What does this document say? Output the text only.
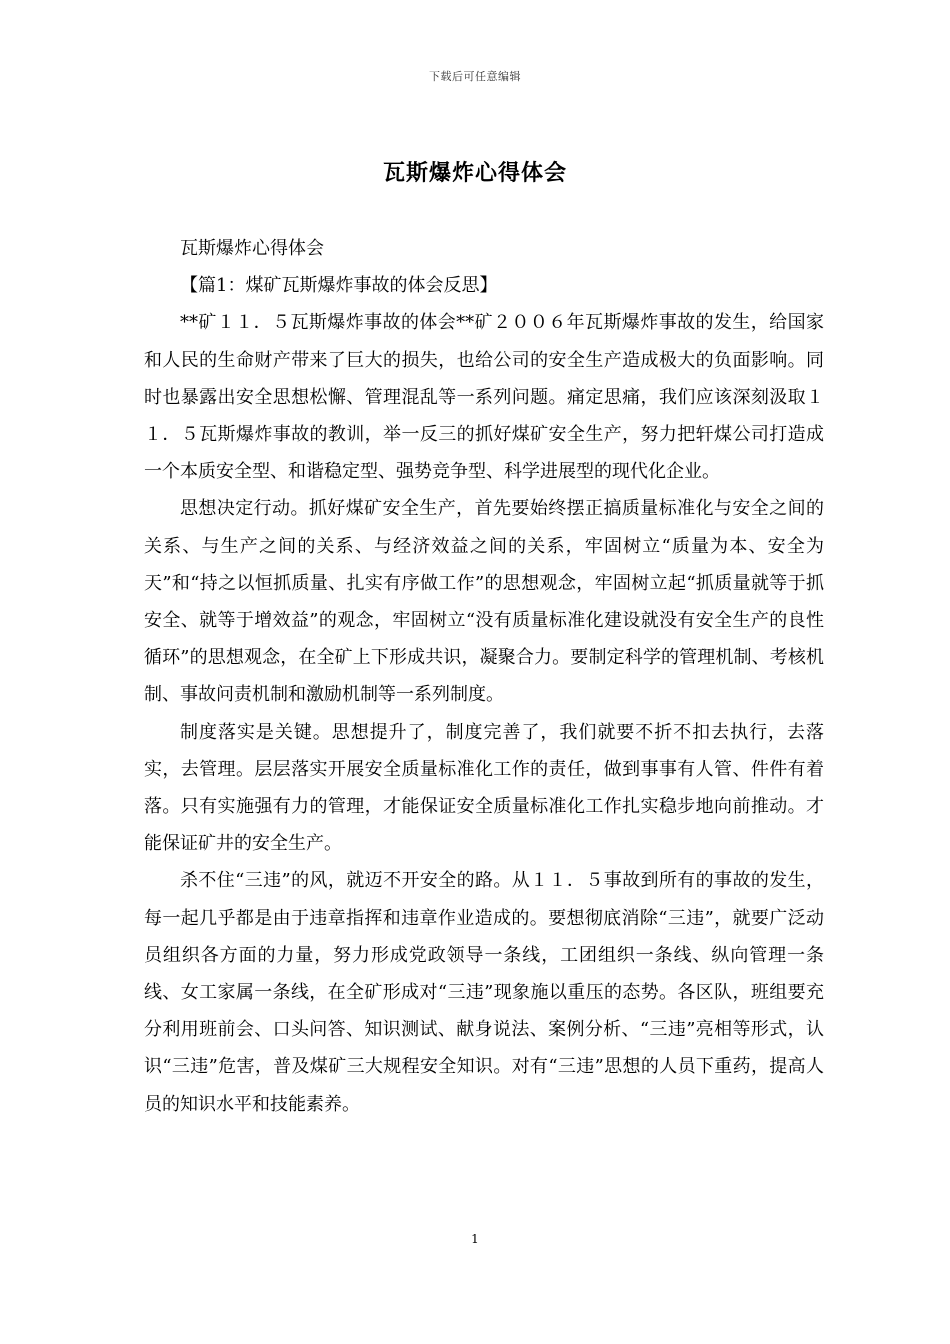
下载后可任意编辑
瓦斯爆炸心得体会

瓦斯爆炸心得体会

【篇1：煤矿瓦斯爆炸事故的体会反思】

**矿１１．５瓦斯爆炸事故的体会**矿２００６年瓦斯爆炸事故的发生，给国家和人民的生命财产带来了巨大的损失，也给公司的安全生产造成极大的负面影响。同时也暴露出安全思想松懈、管理混乱等一系列问题。痛定思痛，我们应该深刻汲取１１．５瓦斯爆炸事故的教训，举一反三的抓好煤矿安全生产，努力把轩煤公司打造成一个本质安全型、和谐稳定型、强势竞争型、科学进展型的现代化企业。

思想决定行动。抓好煤矿安全生产，首先要始终摆正搞质量标准化与安全之间的关系、与生产之间的关系、与经济效益之间的关系，牢固树立“质量为本、安全为天”和“持之以恒抓质量、扎实有序做工作”的思想观念，牢固树立起“抓质量就等于抓安全、就等于增效益”的观念，牢固树立“没有质量标准化建设就没有安全生产的良性循环”的思想观念，在全矿上下形成共识，凝聚合力。要制定科学的管理机制、考核机制、事故问责机制和激励机制等一系列制度。

制度落实是关键。思想提升了，制度完善了，我们就要不折不扣去执行，去落实，去管理。层层落实开展安全质量标准化工作的责任，做到事事有人管、件件有着落。只有实施强有力的管理，才能保证安全质量标准化工作扎实稳步地向前推动。才能保证矿井的安全生产。

杀不住“三违”的风，就迈不开安全的路。从１１．５事故到所有的事故的发生，每一起几乎都是由于违章指挥和违章作业造成的。要想彻底消除“三违”，就要广泛动员组织各方面的力量，努力形成党政领导一条线，工团组织一条线、纵向管理一条线、女工家属一条线，在全矿形成对“三违”现象施以重压的态势。各区队，班组要充分利用班前会、口头问答、知识测试、献身说法、案例分析、“三违”亮相等形式，认识“三违”危害，普及煤矿三大规程安全知识。对有“三违”思想的人员下重药，提高人员的知识水平和技能素养。

1
